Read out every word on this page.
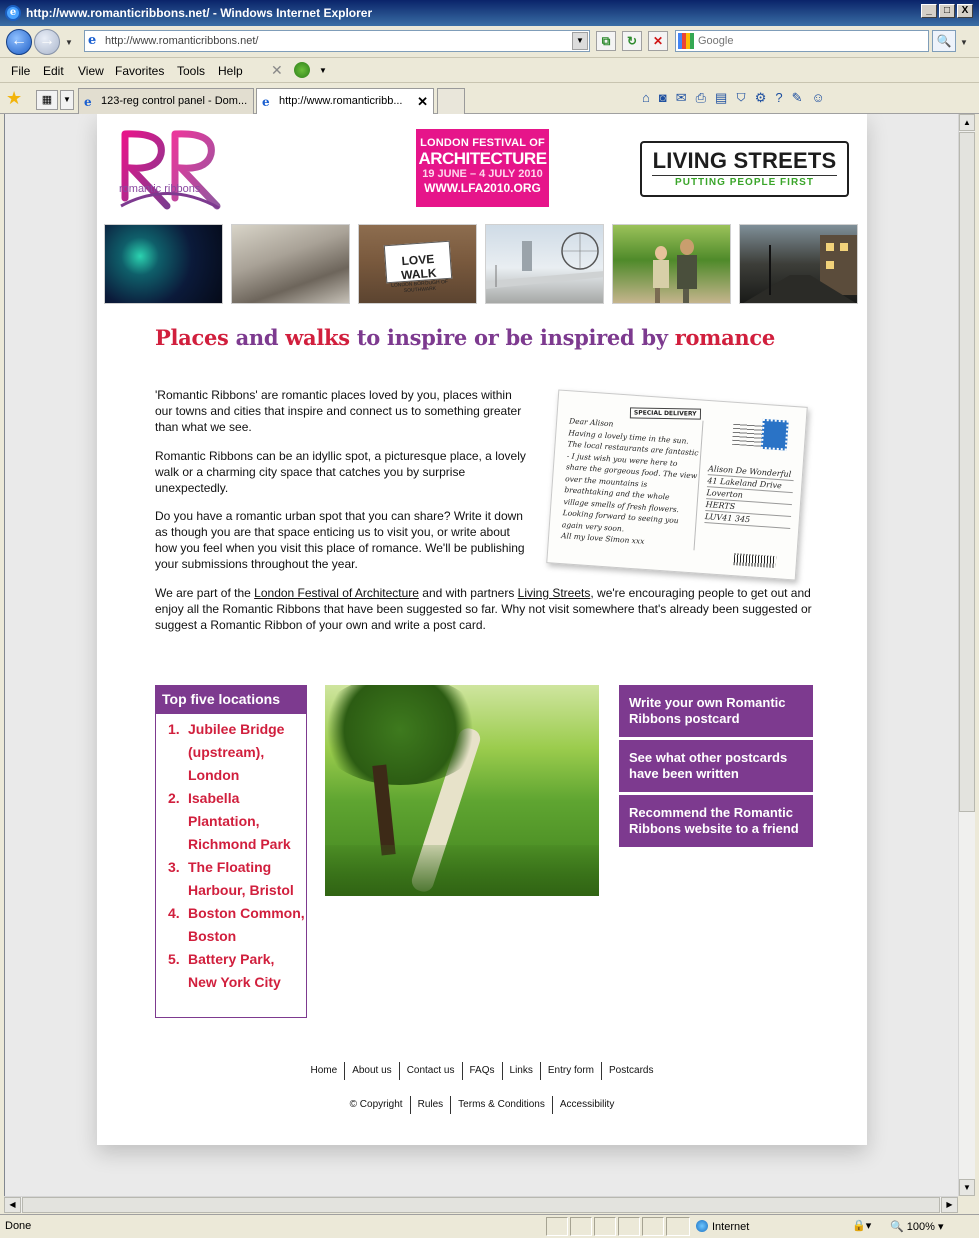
e http://www.romanticribbons.net/ - Windows Internet Explorer	_	□	X
← →	▼ e
http://www.romanticribbons.net/	▼	⧉	↻	✕
Google	🔍	▼
File Edit View Favorites Tools Help ✕	▼
★	▦	▼ e 123-reg control panel - Dom...	e http://www.romanticribb... ✕	⌂◙✉⎙▤⛉⚙?✎☺
romantic ribbons
LONDON FESTIVAL OF
ARCHITECTURE
19 JUNE – 4 JULY 2010
WWW.LFA2010.ORG
LIVING STREETS
PUTTING PEOPLE FIRST
LOVE WALK
LONDON BOROUGH OF SOUTHWARK
Places and walks to inspire or be inspired by romance

'Romantic Ribbons' are romantic places loved by you, places within our towns and cities that inspire and connect us to something greater than what we see.

Romantic Ribbons can be an idyllic spot, a picturesque place, a lovely walk or a charming city space that catches you by surprise unexpectedly.

Do you have a romantic urban spot that you can share? Write it down as though you are that space enticing us to visit you, or write about how you feel when you visit this place of romance. We'll be publishing your submissions throughout the year.

We are part of the London Festival of Architecture and with partners Living Streets, we're encouraging people to get out and enjoy all the Romantic Ribbons that have been suggested so far. Why not visit somewhere that's already been suggested or suggest a Romantic Ribbon of your own and write a post card.

SPECIAL DELIVERY
Dear Alison
Having a lovely time in the sun. The local restaurants are fantastic - I just wish you were here to share the gorgeous food. The view over the mountains is breathtaking and the whole village smells of fresh flowers. Looking forward to seeing you again very soon.
All my love Simon xxx
Alison De Wonderful
41 Lakeland Drive
Loverton
HERTS
LUV41 345
Top five locations
1. Jubilee Bridge (upstream), London
2. Isabella Plantation, Richmond Park
3. The Floating Harbour, Bristol
4. Boston Common, Boston
5. Battery Park, New York City
Write your own Romantic Ribbons postcard
See what other postcards have been written
Recommend the Romantic Ribbons website to a friend
Home About us Contact us FAQs Links Entry form Postcards
© Copyright Rules Terms & Conditions Accessibility
▲
▼
◀	▶
Done	Internet	🔒▾ 🔍 100% ▾
